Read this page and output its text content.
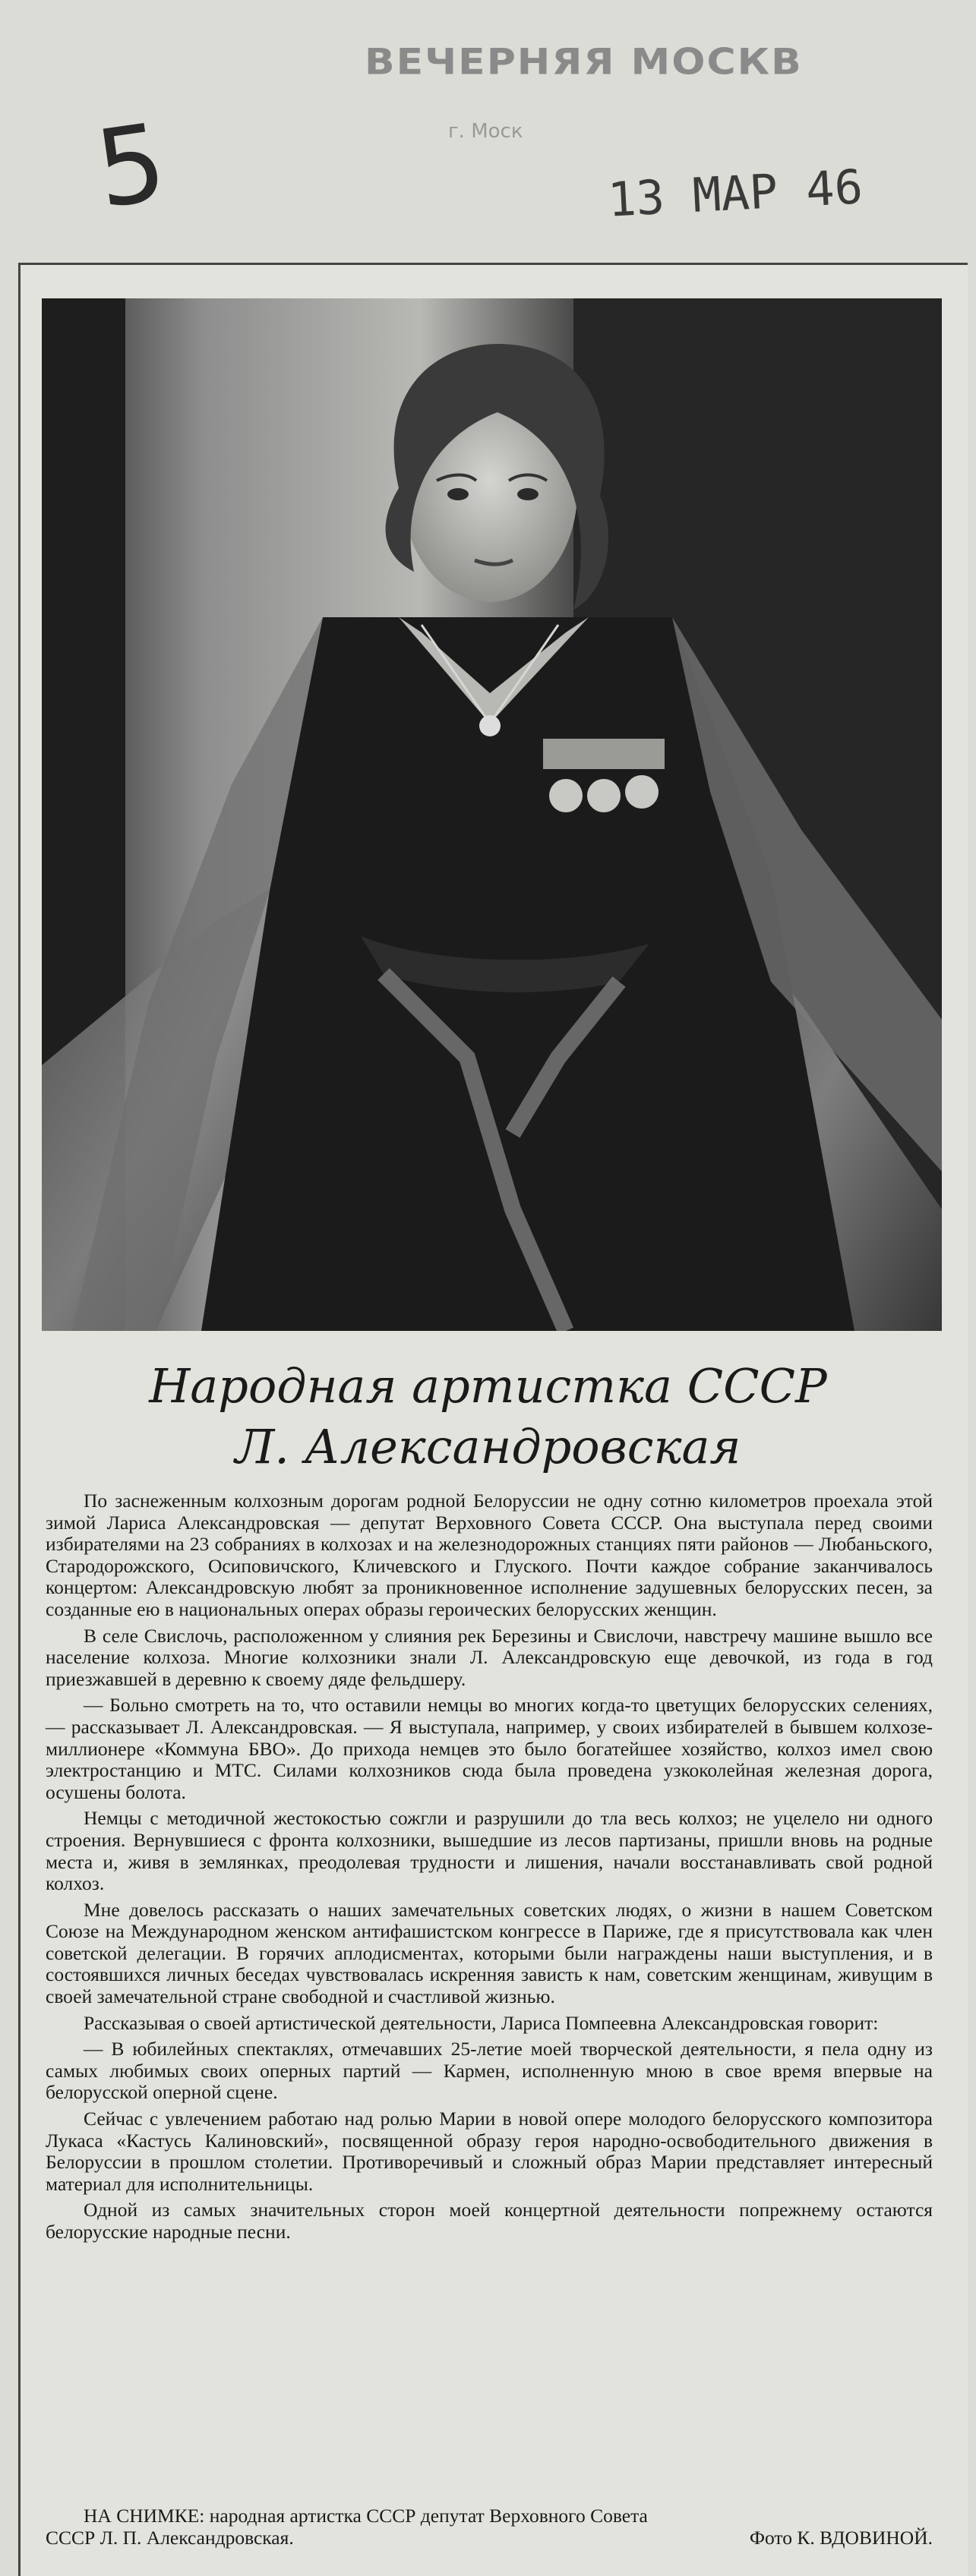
ВЕЧЕРНЯЯ МОСКВ
г. Моск
5	13 МАР 46
Народная артистка СССР
Л. Александровская

По заснеженным колхозным дорогам родной Белоруссии не одну сотню километров проехала этой зимой Лариса Александровская — депутат Верховного Совета СССР. Она выступала перед своими избирателями на 23 собраниях в колхозах и на железнодорожных станциях пяти районов — Любаньского, Стародорожского, Осиповичского, Кличевского и Глуского. Почти каждое собрание заканчивалось концертом: Александровскую любят за проникновенное исполнение задушевных белорусских песен, за созданные ею в национальных операх образы героических белорусских женщин.

В селе Свислочь, расположенном у слияния рек Березины и Свислочи, навстречу машине вышло все население колхоза. Многие колхозники знали Л. Александровскую еще девочкой, из года в год приезжавшей в деревню к своему дяде фельдшеру.

— Больно смотреть на то, что оставили немцы во многих когда-то цветущих белорусских селениях, — рассказывает Л. Александровская. — Я выступала, например, у своих избирателей в бывшем колхозе-миллионере «Коммуна БВО». До прихода немцев это было богатейшее хозяйство, колхоз имел свою электростанцию и МТС. Силами колхозников сюда была проведена узкоколейная железная дорога, осушены болота.

Немцы с методичной жестокостью сожгли и разрушили до тла весь колхоз; не уцелело ни одного строения. Вернувшиеся с фронта колхозники, вышедшие из лесов партизаны, пришли вновь на родные места и, живя в землянках, преодолевая трудности и лишения, начали восстанавливать свой родной колхоз.

Мне довелось рассказать о наших замечательных советских людях, о жизни в нашем Советском Союзе на Международном женском антифашистском конгрессе в Париже, где я присутствовала как член советской делегации. В горячих аплодисментах, которыми были награждены наши выступления, и в состоявшихся личных беседах чувствовалась искренняя зависть к нам, советским женщинам, живущим в своей замечательной стране свободной и счастливой жизнью.

Рассказывая о своей артистической деятельности, Лариса Помпеевна Александровская говорит:

— В юбилейных спектаклях, отмечавших 25-летие моей творческой деятельности, я пела одну из самых любимых своих оперных партий — Кармен, исполненную мною в свое время впервые на белорусской оперной сцене.

Сейчас с увлечением работаю над ролью Марии в новой опере молодого белорусского композитора Лукаса «Кастусь Калиновский», посвященной образу героя народно-освободительного движения в Белоруссии в прошлом столетии. Противоречивый и сложный образ Марии представляет интересный материал для исполнительницы.

Одной из самых значительных сторон моей концертной деятельности попрежнему остаются белорусские народные песни.

НА СНИМКЕ: народная артистка СССР депутат Верховного Совета
СССР Л. П. Александровская.	Фото К. ВДОВИНОЙ.
